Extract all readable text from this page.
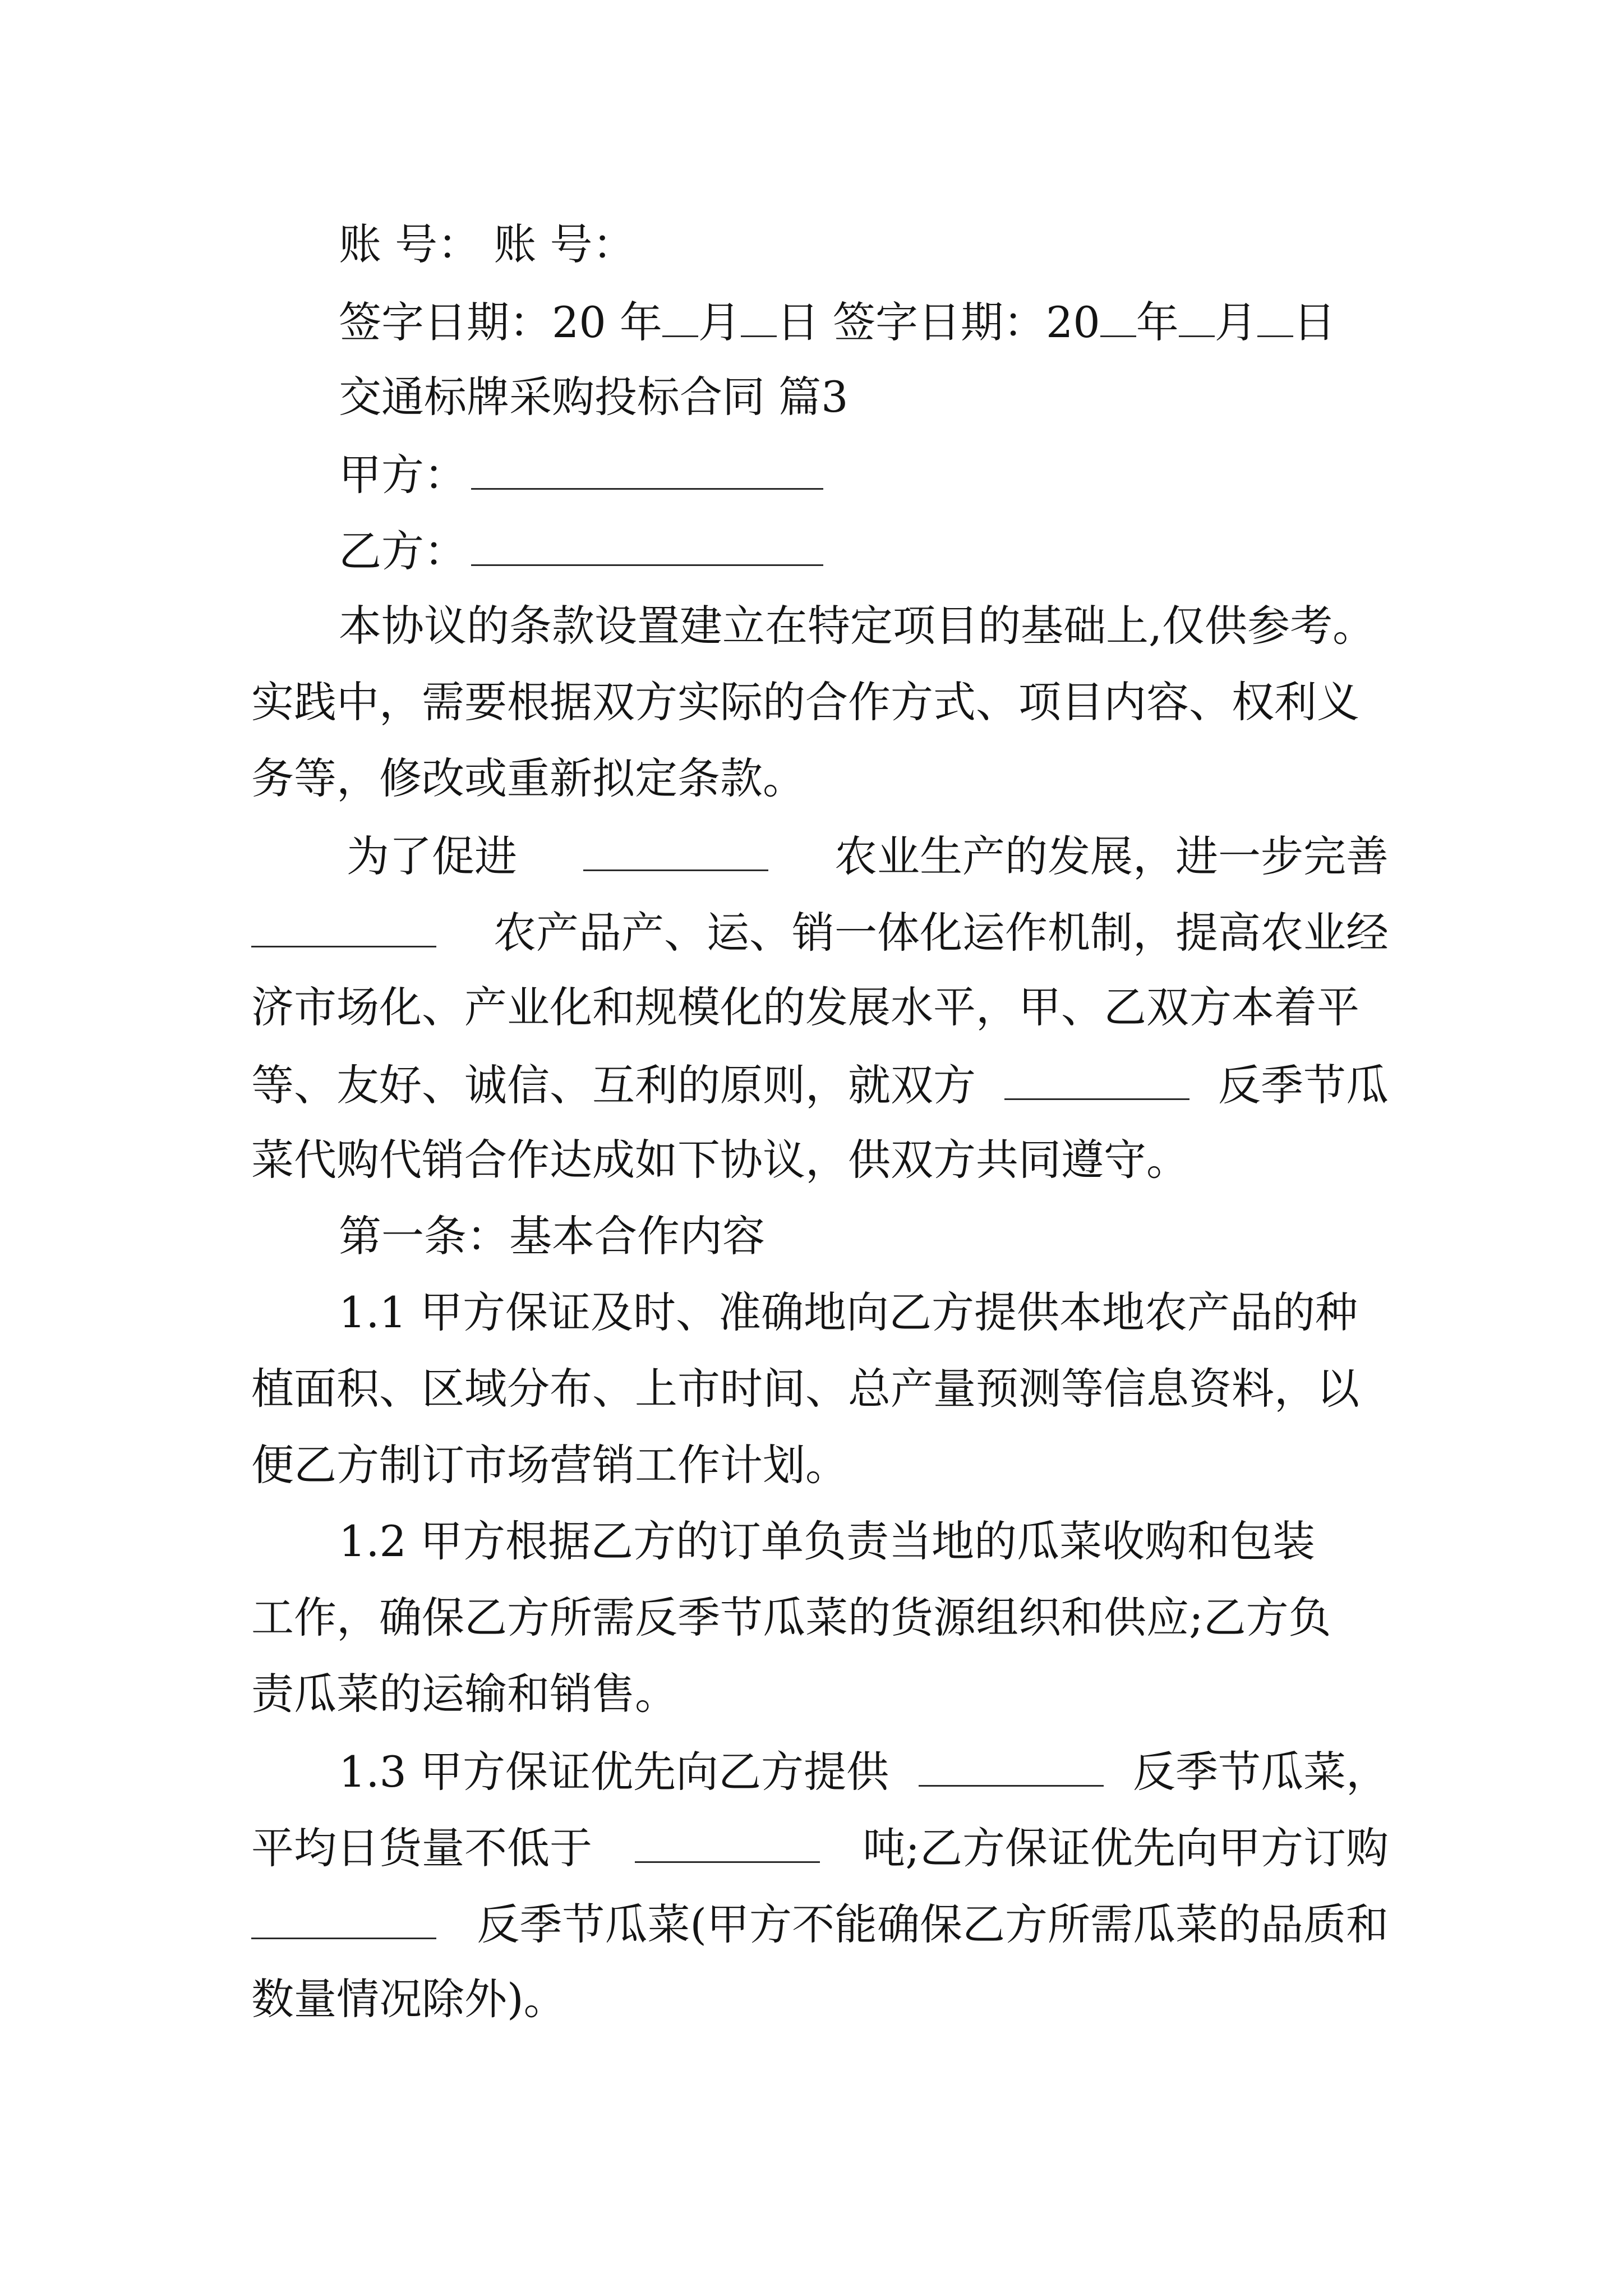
账 号： 账 号：
签字日期：20 年 月 日 签字日期：20 年 月 日
交通标牌采购投标合同 篇3
甲方：
乙方：
本协议的条款设置建立在特定项目的基础上,仅供参考。
实践中，需要根据双方实际的合作方式、项目内容、权利义
务等，修改或重新拟定条款。
为了促进	农业生产的发展，进一步完善
农产品产、运、销一体化运作机制，提高农业经
济市场化、产业化和规模化的发展水平，甲、乙双方本着平
等、友好、诚信、互利的原则，就双方	反季节瓜
菜代购代销合作达成如下协议，供双方共同遵守。
第一条：基本合作内容
1.1 甲方保证及时、准确地向乙方提供本地农产品的种
植面积、区域分布、上市时间、总产量预测等信息资料，以
便乙方制订市场营销工作计划。
1.2 甲方根据乙方的订单负责当地的瓜菜收购和包装
工作，确保乙方所需反季节瓜菜的货源组织和供应;乙方负
责瓜菜的运输和销售。
1.3 甲方保证优先向乙方提供	反季节瓜菜，
平均日货量不低于	吨;乙方保证优先向甲方订购
反季节瓜菜(甲方不能确保乙方所需瓜菜的品质和
数量情况除外)。
